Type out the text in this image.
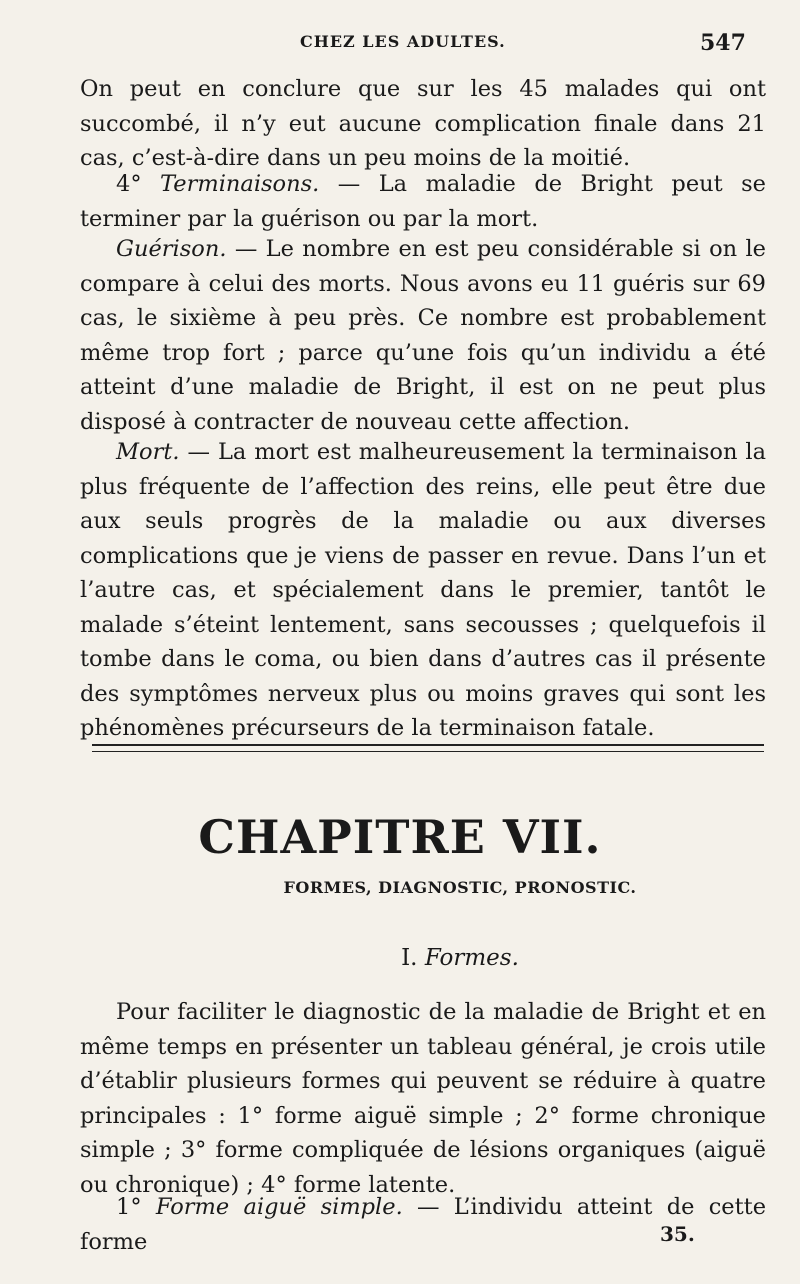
CHEZ LES ADULTES.	547

On peut en conclure que sur les 45 malades qui ont succombé, il n’y eut aucune complication finale dans 21 cas, c’est-à-dire dans un peu moins de la moitié.

4° Terminaisons. — La maladie de Bright peut se terminer par la guérison ou par la mort.

Guérison. — Le nombre en est peu considérable si on le compare à celui des morts. Nous avons eu 11 guéris sur 69 cas, le sixième à peu près. Ce nombre est probablement même trop fort ; parce qu’une fois qu’un individu a été atteint d’une maladie de Bright, il est on ne peut plus disposé à contracter de nouveau cette affection.

Mort. — La mort est malheureusement la terminaison la plus fréquente de l’affection des reins, elle peut être due aux seuls progrès de la maladie ou aux diverses complications que je viens de passer en revue. Dans l’un et l’autre cas, et spécialement dans le premier, tantôt le malade s’éteint lentement, sans secousses ; quelquefois il tombe dans le coma, ou bien dans d’autres cas il présente des symptômes nerveux plus ou moins graves qui sont les phénomènes précurseurs de la terminaison fatale.

CHAPITRE VII.
FORMES, DIAGNOSTIC, PRONOSTIC.
I. Formes.

Pour faciliter le diagnostic de la maladie de Bright et en même temps en présenter un tableau général, je crois utile d’établir plusieurs formes qui peuvent se réduire à quatre principales : 1° forme aiguë simple ; 2° forme chronique simple ; 3° forme compliquée de lésions organiques (aiguë ou chronique) ; 4° forme latente.

1° Forme aiguë simple. — L’individu atteint de cette forme	35.
